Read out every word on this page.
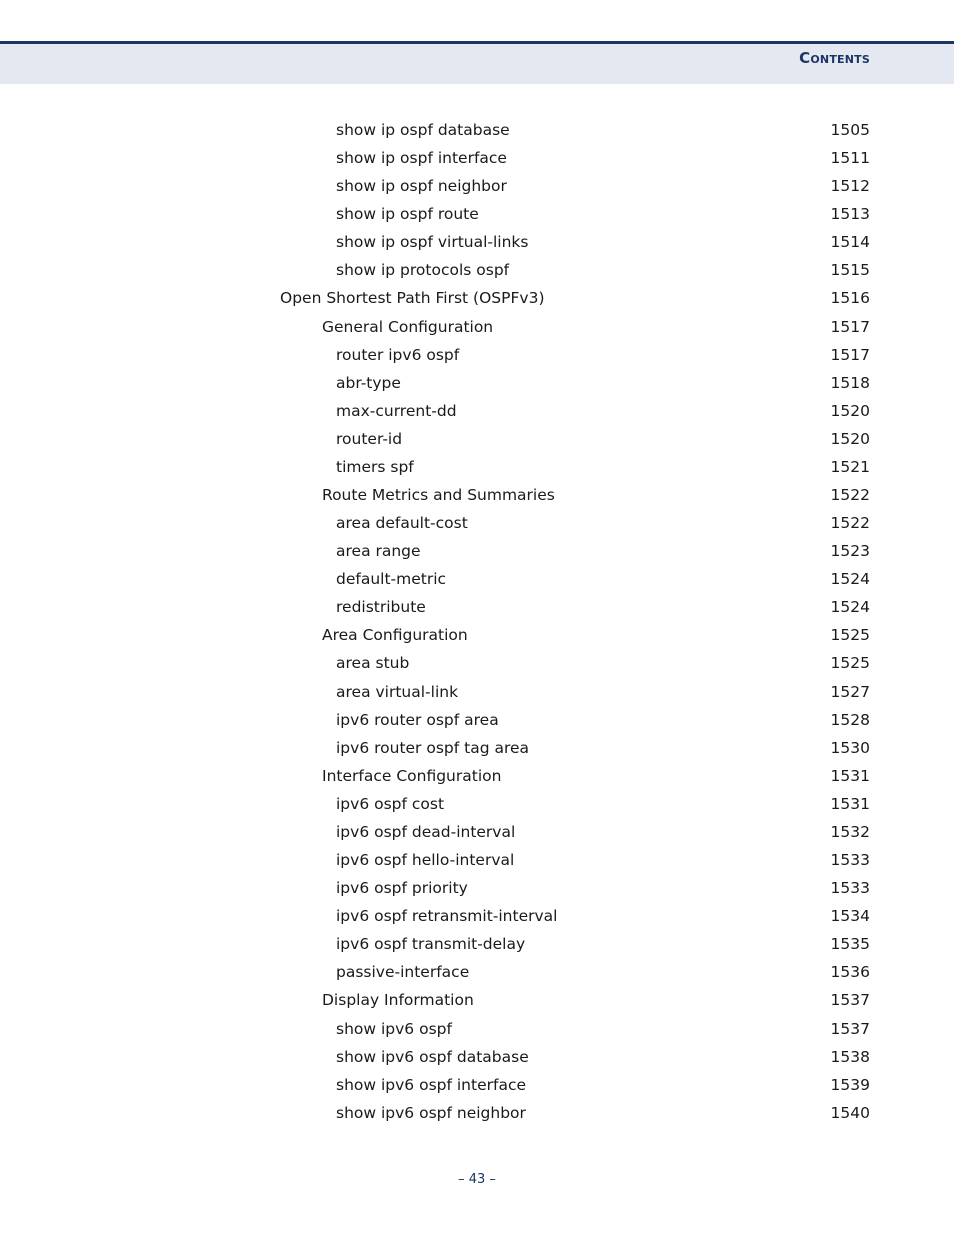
Contents
show ip ospf database	1505
show ip ospf interface	1511
show ip ospf neighbor	1512
show ip ospf route	1513
show ip ospf virtual-links	1514
show ip protocols ospf	1515
Open Shortest Path First (OSPFv3)	1516
General Configuration	1517
router ipv6 ospf	1517
abr-type	1518
max-current-dd	1520
router-id	1520
timers spf	1521
Route Metrics and Summaries	1522
area default-cost	1522
area range	1523
default-metric	1524
redistribute	1524
Area Configuration	1525
area stub	1525
area virtual-link	1527
ipv6 router ospf area	1528
ipv6 router ospf tag area	1530
Interface Configuration	1531
ipv6 ospf cost	1531
ipv6 ospf dead-interval	1532
ipv6 ospf hello-interval	1533
ipv6 ospf priority	1533
ipv6 ospf retransmit-interval	1534
ipv6 ospf transmit-delay	1535
passive-interface	1536
Display Information	1537
show ipv6 ospf	1537
show ipv6 ospf database	1538
show ipv6 ospf interface	1539
show ipv6 ospf neighbor	1540
– 43 –
